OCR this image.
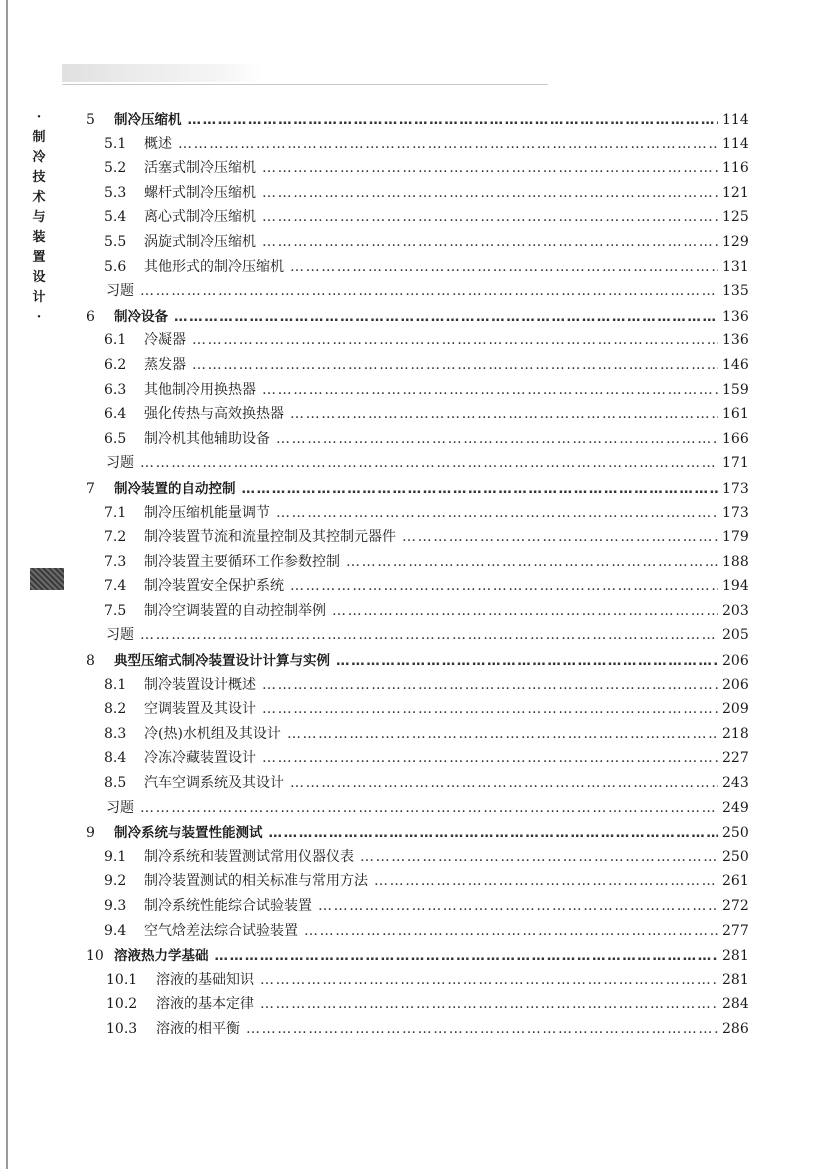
·
制
冷
技
术
与
装
置
设
计
·
5	制冷压缩机 ………………………………………………………………………………………………………………………………………………………………………………………………………………………………	114
5.1	概述 ………………………………………………………………………………………………………………………………………………………………………………………………………………………………	114
5.2	活塞式制冷压缩机 ………………………………………………………………………………………………………………………………………………………………………………………………………………………………	116
5.3	螺杆式制冷压缩机 ………………………………………………………………………………………………………………………………………………………………………………………………………………………………	121
5.4	离心式制冷压缩机 ………………………………………………………………………………………………………………………………………………………………………………………………………………………………	125
5.5	涡旋式制冷压缩机 ………………………………………………………………………………………………………………………………………………………………………………………………………………………………	129
5.6	其他形式的制冷压缩机 ………………………………………………………………………………………………………………………………………………………………………………………………………………………………	131
习题 ………………………………………………………………………………………………………………………………………………………………………………………………………………………………	135
6	制冷设备 ………………………………………………………………………………………………………………………………………………………………………………………………………………………………	136
6.1	冷凝器 ………………………………………………………………………………………………………………………………………………………………………………………………………………………………	136
6.2	蒸发器 ………………………………………………………………………………………………………………………………………………………………………………………………………………………………	146
6.3	其他制冷用换热器 ………………………………………………………………………………………………………………………………………………………………………………………………………………………………	159
6.4	强化传热与高效换热器 ………………………………………………………………………………………………………………………………………………………………………………………………………………………………	161
6.5	制冷机其他辅助设备 ………………………………………………………………………………………………………………………………………………………………………………………………………………………………	166
习题 ………………………………………………………………………………………………………………………………………………………………………………………………………………………………	171
7	制冷装置的自动控制 ………………………………………………………………………………………………………………………………………………………………………………………………………………………………	173
7.1	制冷压缩机能量调节 ………………………………………………………………………………………………………………………………………………………………………………………………………………………………	173
7.2	制冷装置节流和流量控制及其控制元器件 ………………………………………………………………………………………………………………………………………………………………………………………………………………………………	179
7.3	制冷装置主要循环工作参数控制 ………………………………………………………………………………………………………………………………………………………………………………………………………………………………	188
7.4	制冷装置安全保护系统 ………………………………………………………………………………………………………………………………………………………………………………………………………………………………	194
7.5	制冷空调装置的自动控制举例 ………………………………………………………………………………………………………………………………………………………………………………………………………………………………	203
习题 ………………………………………………………………………………………………………………………………………………………………………………………………………………………………	205
8	典型压缩式制冷装置设计计算与实例 ………………………………………………………………………………………………………………………………………………………………………………………………………………………………	206
8.1	制冷装置设计概述 ………………………………………………………………………………………………………………………………………………………………………………………………………………………………	206
8.2	空调装置及其设计 ………………………………………………………………………………………………………………………………………………………………………………………………………………………………	209
8.3	冷(热)水机组及其设计 ………………………………………………………………………………………………………………………………………………………………………………………………………………………………	218
8.4	冷冻冷藏装置设计 ………………………………………………………………………………………………………………………………………………………………………………………………………………………………	227
8.5	汽车空调系统及其设计 ………………………………………………………………………………………………………………………………………………………………………………………………………………………………	243
习题 ………………………………………………………………………………………………………………………………………………………………………………………………………………………………	249
9	制冷系统与装置性能测试 ………………………………………………………………………………………………………………………………………………………………………………………………………………………………	250
9.1	制冷系统和装置测试常用仪器仪表 ………………………………………………………………………………………………………………………………………………………………………………………………………………………………	250
9.2	制冷装置测试的相关标准与常用方法 ………………………………………………………………………………………………………………………………………………………………………………………………………………………………	261
9.3	制冷系统性能综合试验装置 ………………………………………………………………………………………………………………………………………………………………………………………………………………………………	272
9.4	空气焓差法综合试验装置 ………………………………………………………………………………………………………………………………………………………………………………………………………………………………	277
10 溶液热力学基础 ………………………………………………………………………………………………………………………………………………………………………………………………………………………………	281
10.1	溶液的基础知识 ………………………………………………………………………………………………………………………………………………………………………………………………………………………………	281
10.2	溶液的基本定律 ………………………………………………………………………………………………………………………………………………………………………………………………………………………………	284
10.3	溶液的相平衡 ………………………………………………………………………………………………………………………………………………………………………………………………………………………………	286
